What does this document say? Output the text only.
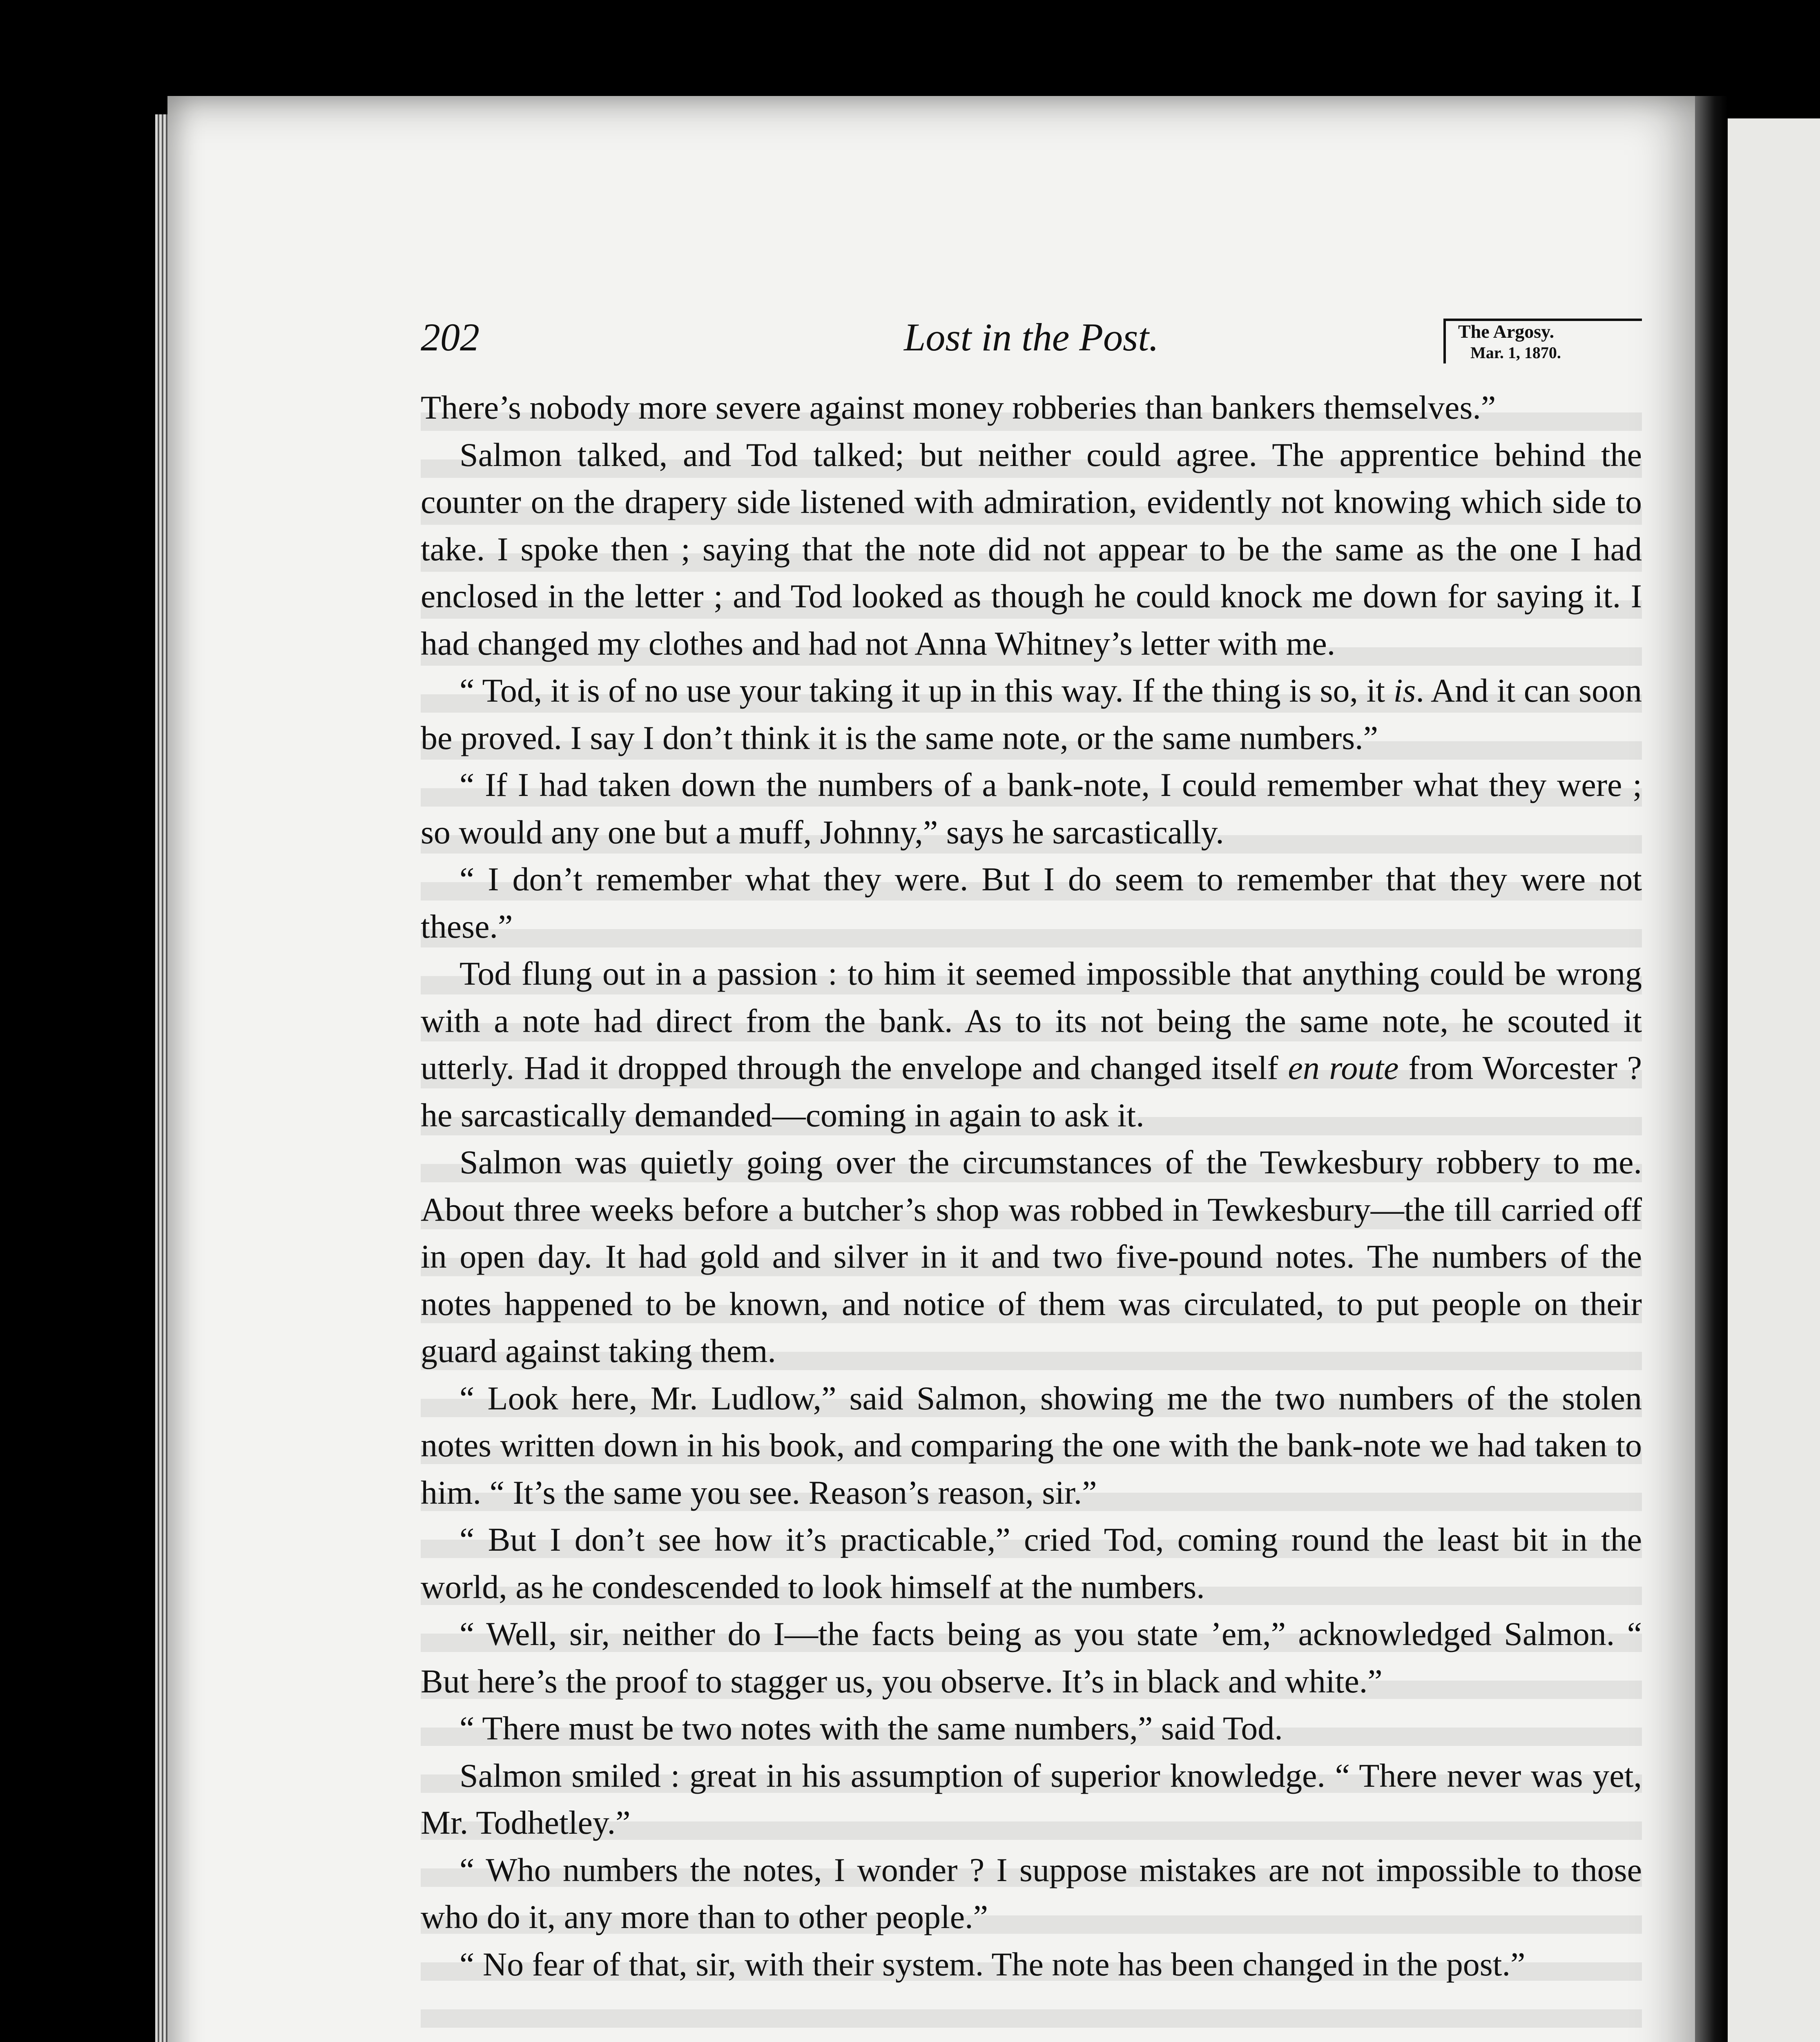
202	Lost in the Post.	The Argosy.
Mar. 1, 1870.

There’s nobody more severe against money robberies than bankers themselves.”

Salmon talked, and Tod talked; but neither could agree. The apprentice behind the counter on the drapery side listened with admiration, evidently not knowing which side to take. I spoke then ; saying that the note did not appear to be the same as the one I had enclosed in the letter ; and Tod looked as though he could knock me down for saying it. I had changed my clothes and had not Anna Whitney’s letter with me.

“ Tod, it is of no use your taking it up in this way. If the thing is so, it is. And it can soon be proved. I say I don’t think it is the same note, or the same numbers.”

“ If I had taken down the numbers of a bank-note, I could remember what they were ; so would any one but a muff, Johnny,” says he sarcastically.

“ I don’t remember what they were. But I do seem to remember that they were not these.”

Tod flung out in a passion : to him it seemed impossible that anything could be wrong with a note had direct from the bank. As to its not being the same note, he scouted it utterly. Had it dropped through the envelope and changed itself en route from Worcester ? he sarcastically demanded—coming in again to ask it.

Salmon was quietly going over the circumstances of the Tewkesbury robbery to me. About three weeks before a butcher’s shop was robbed in Tewkesbury—the till carried off in open day. It had gold and silver in it and two five-pound notes. The numbers of the notes happened to be known, and notice of them was circulated, to put people on their guard against taking them.

“ Look here, Mr. Ludlow,” said Salmon, showing me the two numbers of the stolen notes written down in his book, and comparing the one with the bank-note we had taken to him. “ It’s the same you see. Reason’s reason, sir.”

“ But I don’t see how it’s practicable,” cried Tod, coming round the least bit in the world, as he condescended to look himself at the numbers.

“ Well, sir, neither do I—the facts being as you state ’em,” acknowledged Salmon. “ But here’s the proof to stagger us, you observe. It’s in black and white.”

“ There must be two notes with the same numbers,” said Tod.

Salmon smiled : great in his assumption of superior knowledge. “ There never was yet, Mr. Todhetley.”

“ Who numbers the notes, I wonder ? I suppose mistakes are not impossible to those who do it, any more than to other people.”

“ No fear of that, sir, with their system. The note has been changed in the post.”
